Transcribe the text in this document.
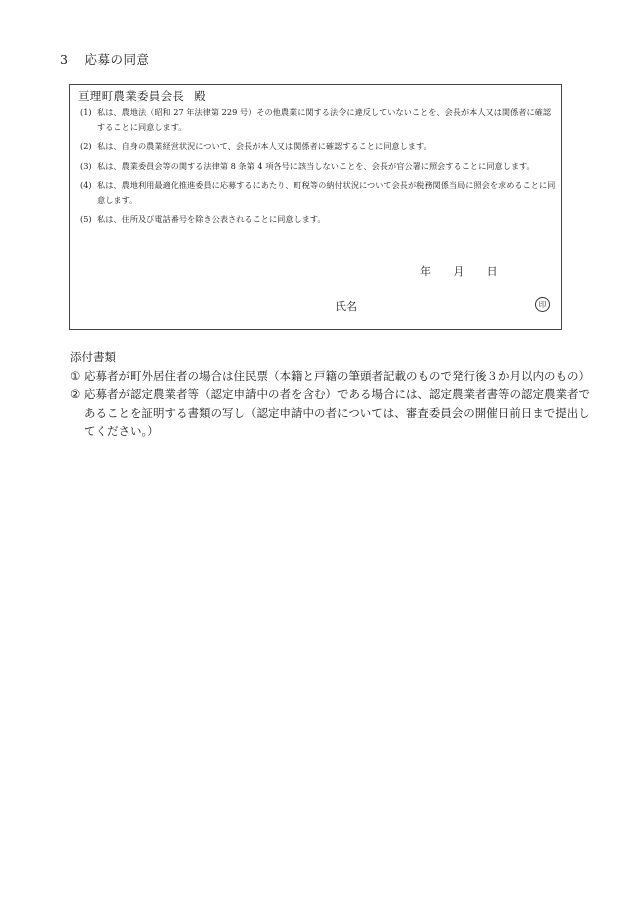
3 応募の同意
亘理町農業委員会長 殿
(1) 私は、農地法（昭和 27 年法律第 229 号）その他農業に関する法令に違反していないことを、会長が本人又は関係者に確認することに同意します。
(2) 私は、自身の農業経営状況について、会長が本人又は関係者に確認することに同意します。
(3) 私は、農業委員会等の関する法律第 8 条第 4 項各号に該当しないことを、会長が官公署に照会することに同意します。
(4) 私は、農地利用最適化推進委員に応募するにあたり、町税等の納付状況について会長が税務関係当局に照会を求めることに同意します。
(5) 私は、住所及び電話番号を除き公表されることに同意します。
年 月 日
氏名	印
添付書類
① 応募者が町外居住者の場合は住民票（本籍と戸籍の筆頭者記載のもので発行後３か月以内のもの）
② 応募者が認定農業者等（認定申請中の者を含む）である場合には、認定農業者書等の認定農業者であることを証明する書類の写し（認定申請中の者については、審査委員会の開催日前日まで提出してください。）
